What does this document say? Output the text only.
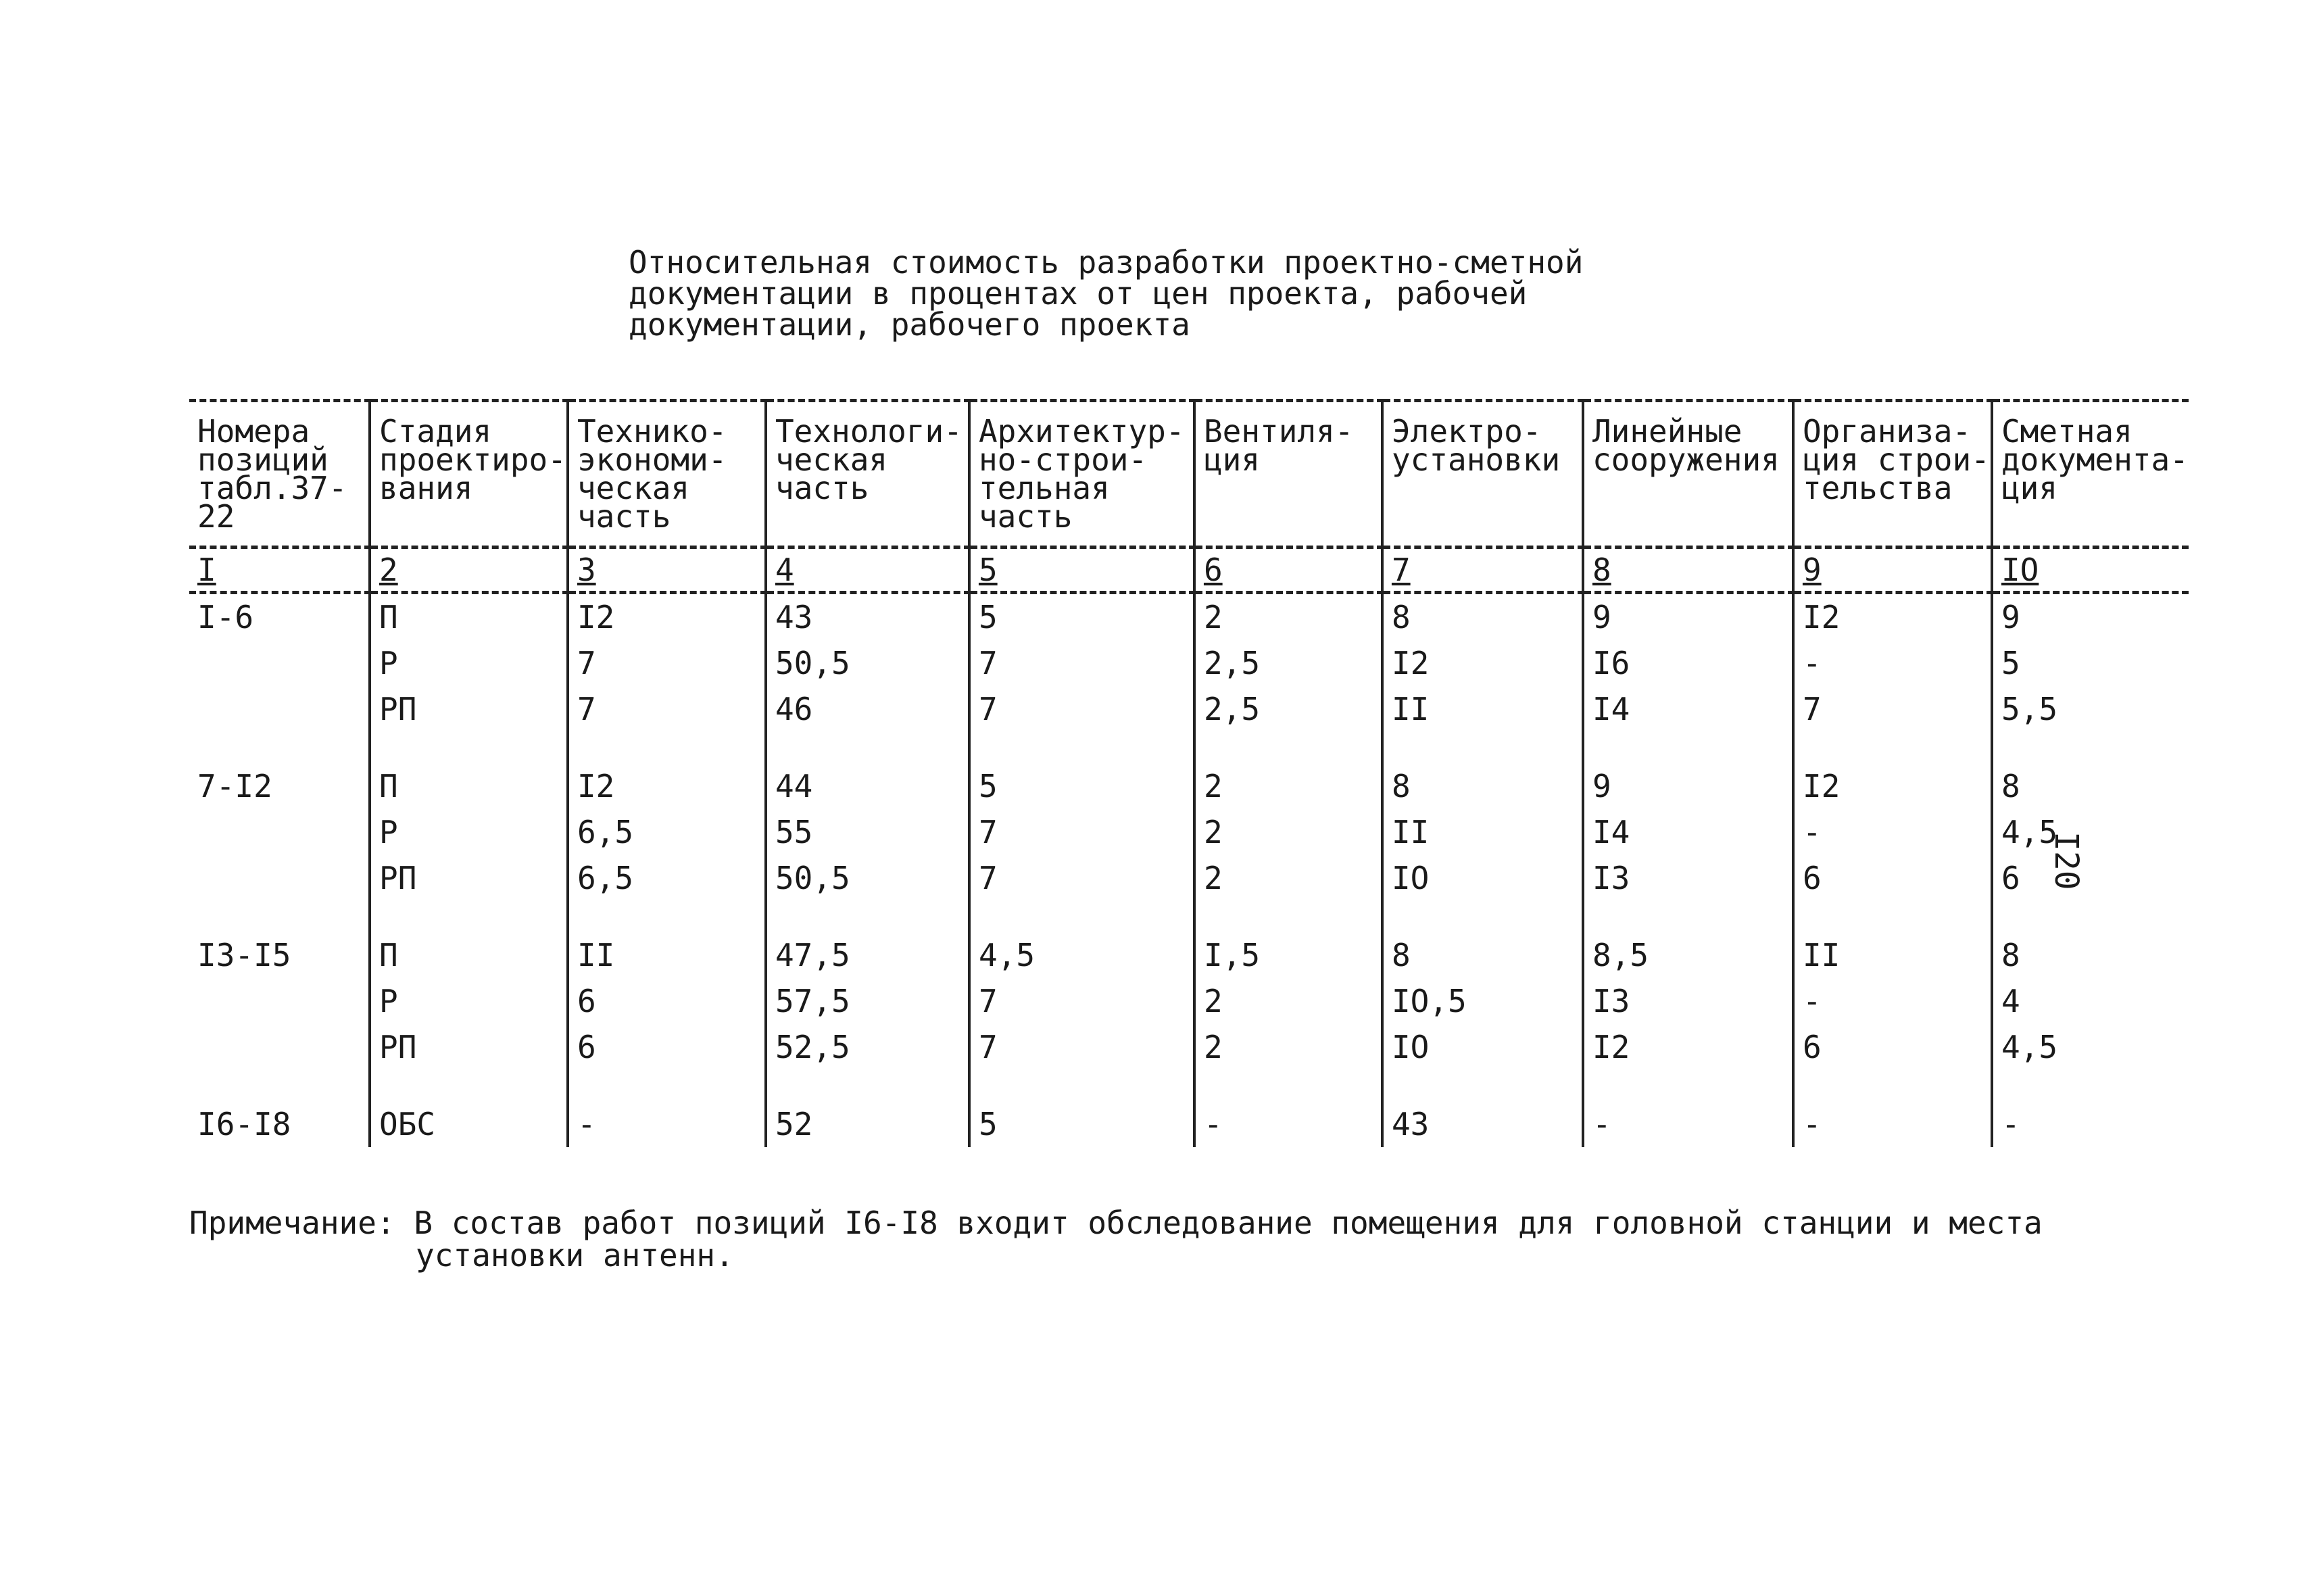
Относительная стоимость разработки проектно-сметной
документации в процентах от цен проекта, рабочей
документации, рабочего проекта
Номера позиций табл.37-22	Стадия проектиро-вания	Технико-экономи-ческая часть	Технологи-ческая часть	Архитектур-но-строи-тельная часть	Вентиля-ция	Электро-установки	Линейные сооружения	Организа-ция строи-тельства	Сметная документа-ция
I	2	3	4	5	6	7	8	9	IO
I-6	П	I2	43	5	2	8	9	I2	9
	Р	7	50,5	7	2,5	I2	I6	-	5
	РП	7	46	7	2,5	II	I4	7	5,5
7-I2	П	I2	44	5	2	8	9	I2	8
	Р	6,5	55	7	2	II	I4	-	4,5
	РП	6,5	50,5	7	2	IO	I3	6	6
I3-I5	П	II	47,5	4,5	I,5	8	8,5	II	8
	Р	6	57,5	7	2	IO,5	I3	-	4
	РП	6	52,5	7	2	IO	I2	6	4,5
I6-I8	ОБС	-	52	5	-	43	-	-	-
I20
Примечание: В состав работ позиций I6-I8 входит обследование помещения для головной станции и места
установки антенн.
